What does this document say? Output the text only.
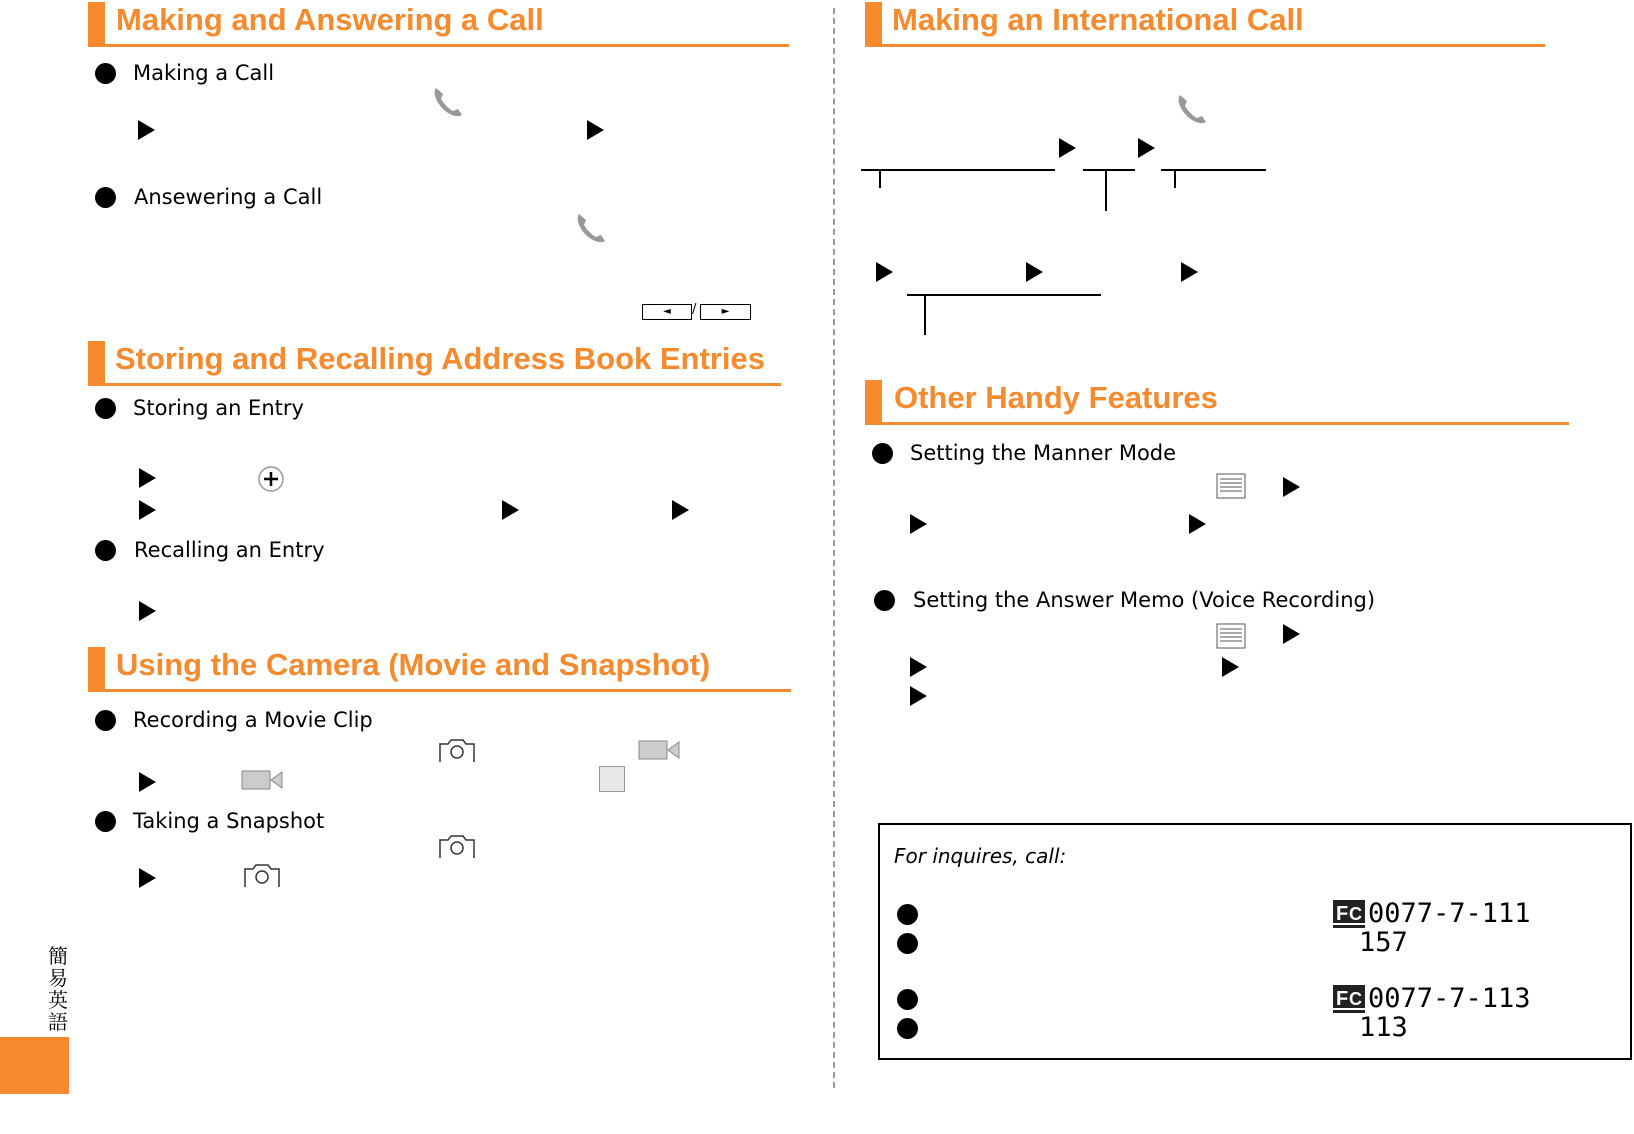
Making and Answering a Call
Making a Call
Ansewering a Call
◄	/	►
Storing and Recalling Address Book Entries
Storing an Entry
Recalling an Entry
Using the Camera (Movie and Snapshot)
Recording a Movie Clip
Taking a Snapshot
簡易英語
Making an International Call
Other Handy Features
Setting the Manner Mode
Setting the Answer Memo (Voice Recording)
For inquires, call:
F C 0077-7-111
157
F C 0077-7-113
113
